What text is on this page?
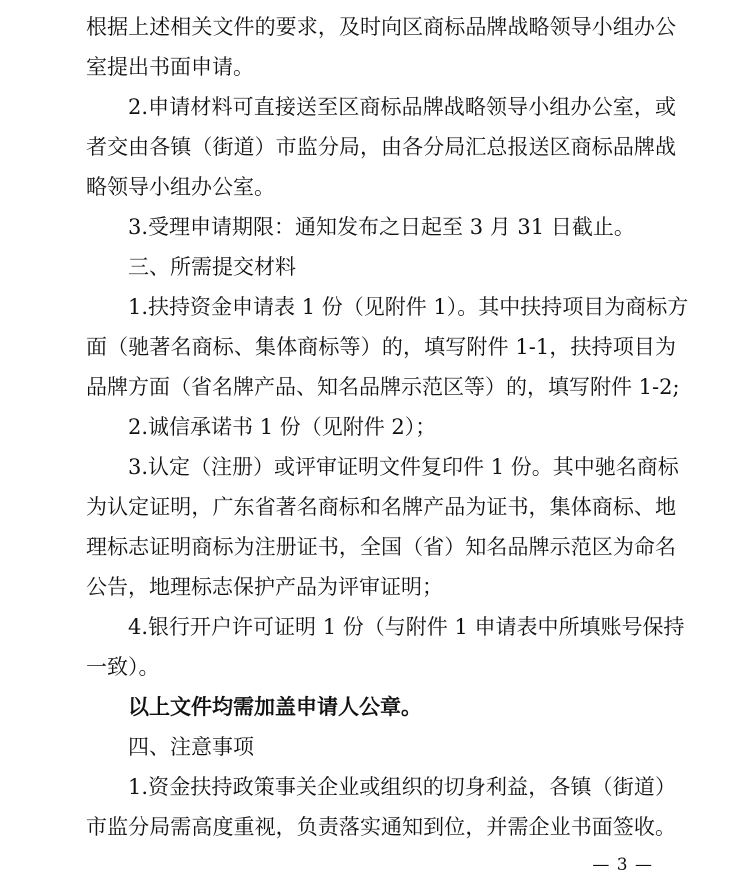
根据上述相关文件的要求，及时向区商标品牌战略领导小组办公
室提出书面申请。
2.申请材料可直接送至区商标品牌战略领导小组办公室，或
者交由各镇（街道）市监分局，由各分局汇总报送区商标品牌战
略领导小组办公室。
3.受理申请期限：通知发布之日起至 3 月 31 日截止。
三、所需提交材料
1.扶持资金申请表 1 份（见附件 1）。其中扶持项目为商标方
面（驰著名商标、集体商标等）的，填写附件 1-1，扶持项目为
品牌方面（省名牌产品、知名品牌示范区等）的，填写附件 1-2;
2.诚信承诺书 1 份（见附件 2）；
3.认定（注册）或评审证明文件复印件 1 份。其中驰名商标
为认定证明，广东省著名商标和名牌产品为证书，集体商标、地
理标志证明商标为注册证书，全国（省）知名品牌示范区为命名
公告，地理标志保护产品为评审证明；
4.银行开户许可证明 1 份（与附件 1 申请表中所填账号保持
一致）。
以上文件均需加盖申请人公章。
四、注意事项
1.资金扶持政策事关企业或组织的切身利益，各镇（街道）
市监分局需高度重视，负责落实通知到位，并需企业书面签收。
— 3 —
